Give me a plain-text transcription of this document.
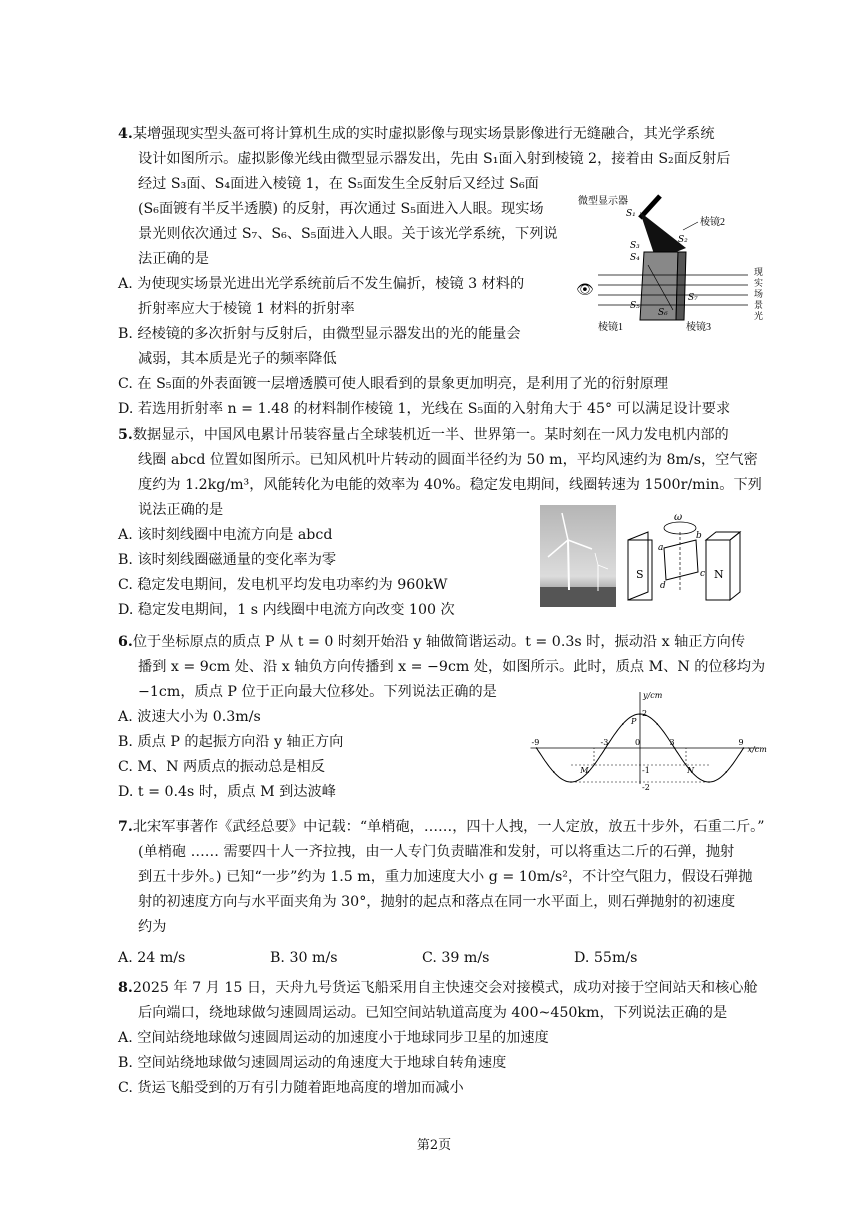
4.某增强现实型头盔可将计算机生成的实时虚拟影像与现实场景影像进行无缝融合，其光学系统
设计如图所示。虚拟影像光线由微型显示器发出，先由 S₁面入射到棱镜 2，接着由 S₂面反射后
经过 S₃面、S₄面进入棱镜 1，在 S₅面发生全反射后又经过 S₆面
(S₆面镀有半反半透膜) 的反射，再次通过 S₅面进入人眼。现实场
景光则依次通过 S₇、S₆、S₅面进入人眼。关于该光学系统，下列说
法正确的是
A. 为使现实场景光进出光学系统前后不发生偏折，棱镜 3 材料的
折射率应大于棱镜 1 材料的折射率
B. 经棱镜的多次折射与反射后，由微型显示器发出的光的能量会
减弱，其本质是光子的频率降低
C. 在 S₅面的外表面镀一层增透膜可使人眼看到的景象更加明亮，是利用了光的衍射原理
D. 若选用折射率 n = 1.48 的材料制作棱镜 1，光线在 S₅面的入射角大于 45° 可以满足设计要求
微型显示器
棱镜2
👁
S₁
S₂
S₃
S₄
S₅
S₆
S₇
棱镜1	棱镜3
现
实
场
景
光
5.数据显示，中国风电累计吊装容量占全球装机近一半、世界第一。某时刻在一风力发电机内部的
线圈 abcd 位置如图所示。已知风机叶片转动的圆面半径约为 50 m，平均风速约为 8m/s，空气密
度约为 1.2kg/m³，风能转化为电能的效率为 40%。稳定发电期间，线圈转速为 1500r/min。下列
说法正确的是
A. 该时刻线圈中电流方向是 abcd
B. 该时刻线圈磁通量的变化率为零
C. 稳定发电期间，发电机平均发电功率约为 960kW
D. 稳定发电期间，1 s 内线圈中电流方向改变 100 次
S	N
ω
a
b
c
d
6.位于坐标原点的质点 P 从 t = 0 时刻开始沿 y 轴做简谐运动。t = 0.3s 时，振动沿 x 轴正方向传
播到 x = 9cm 处、沿 x 轴负方向传播到 x = −9cm 处，如图所示。此时，质点 M、N 的位移均为
−1cm，质点 P 位于正向最大位移处。下列说法正确的是
A. 波速大小为 0.3m/s
B. 质点 P 的起振方向沿 y 轴正方向
C. M、N 两质点的振动总是相反
D. t = 0.4s 时，质点 M 到达波峰
y/cm
x/cm
-9	-3	0	3	9
2
-1
-2
P
M	N
7.北宋军事著作《武经总要》中记载：“单梢砲，……，四十人拽，一人定放，放五十步外，石重二斤。”
(单梢砲 …… 需要四十人一齐拉拽，由一人专门负责瞄准和发射，可以将重达二斤的石弹，抛射
到五十步外。) 已知“一步”约为 1.5 m，重力加速度大小 g = 10m/s²，不计空气阻力，假设石弹抛
射的初速度方向与水平面夹角为 30°，抛射的起点和落点在同一水平面上，则石弹抛射的初速度
约为
A. 24 m/s	B. 30 m/s	C. 39 m/s	D. 55m/s
8.2025 年 7 月 15 日，天舟九号货运飞船采用自主快速交会对接模式，成功对接于空间站天和核心舱
后向端口，绕地球做匀速圆周运动。已知空间站轨道高度为 400~450km，下列说法正确的是
A. 空间站绕地球做匀速圆周运动的加速度小于地球同步卫星的加速度
B. 空间站绕地球做匀速圆周运动的角速度大于地球自转角速度
C. 货运飞船受到的万有引力随着距地高度的增加而减小
第2页
